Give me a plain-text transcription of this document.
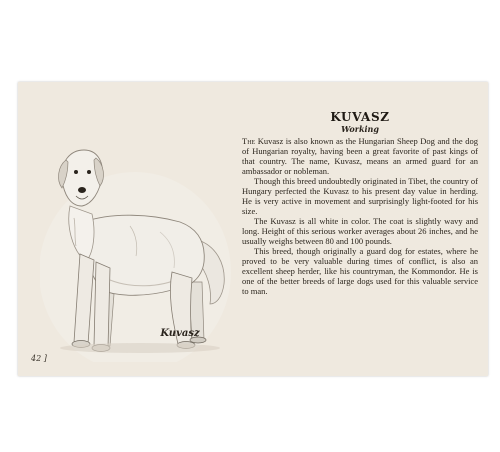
Kuvasz
42 ]
KUVASZ
Working

The Kuvasz is also known as the Hungarian Sheep Dog and the dog of Hungarian royalty, having been a great favorite of past kings of that country. The name, Kuvasz, means an armed guard for an ambassador or nobleman.

Though this breed undoubtedly originated in Tibet, the country of Hungary perfected the Kuvasz to his present day value in herding. He is very active in movement and surprisingly light-footed for his size.

The Kuvasz is all white in color. The coat is slightly wavy and long. Height of this serious worker averages about 26 inches, and he usually weighs between 80 and 100 pounds.

This breed, though originally a guard dog for estates, where he proved to be very valuable during times of conflict, is also an excellent sheep herder, like his countryman, the Kommondor. He is one of the better breeds of large dogs used for this valuable service to man.
